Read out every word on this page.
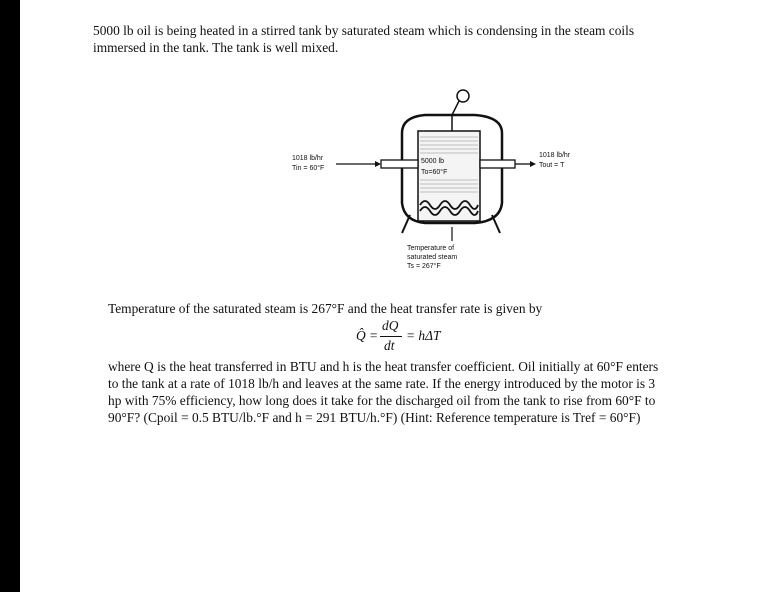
5000 lb oil is being heated in a stirred tank by saturated steam which is condensing in the steam coils
immersed in the tank. The tank is well mixed.

1018 lb/hr
Tin = 60°F
5000 lb
To=60°F
1018 lb/hr
Tout = T
Temperature of
saturated steam
Ts = 267°F

Temperature of the saturated steam is 267°F and the heat transfer rate is given by

Q̂ =
dQ
dt
= hΔT

where Q is the heat transferred in BTU and h is the heat transfer coefficient. Oil initially at 60°F enters
to the tank at a rate of 1018 lb/h and leaves at the same rate. If the energy introduced by the motor is 3
hp with 75% efficiency, how long does it take for the discharged oil from the tank to rise from 60°F to
90°F? (Cpoil = 0.5 BTU/lb.°F and h = 291 BTU/h.°F) (Hint: Reference temperature is Tref = 60°F)
